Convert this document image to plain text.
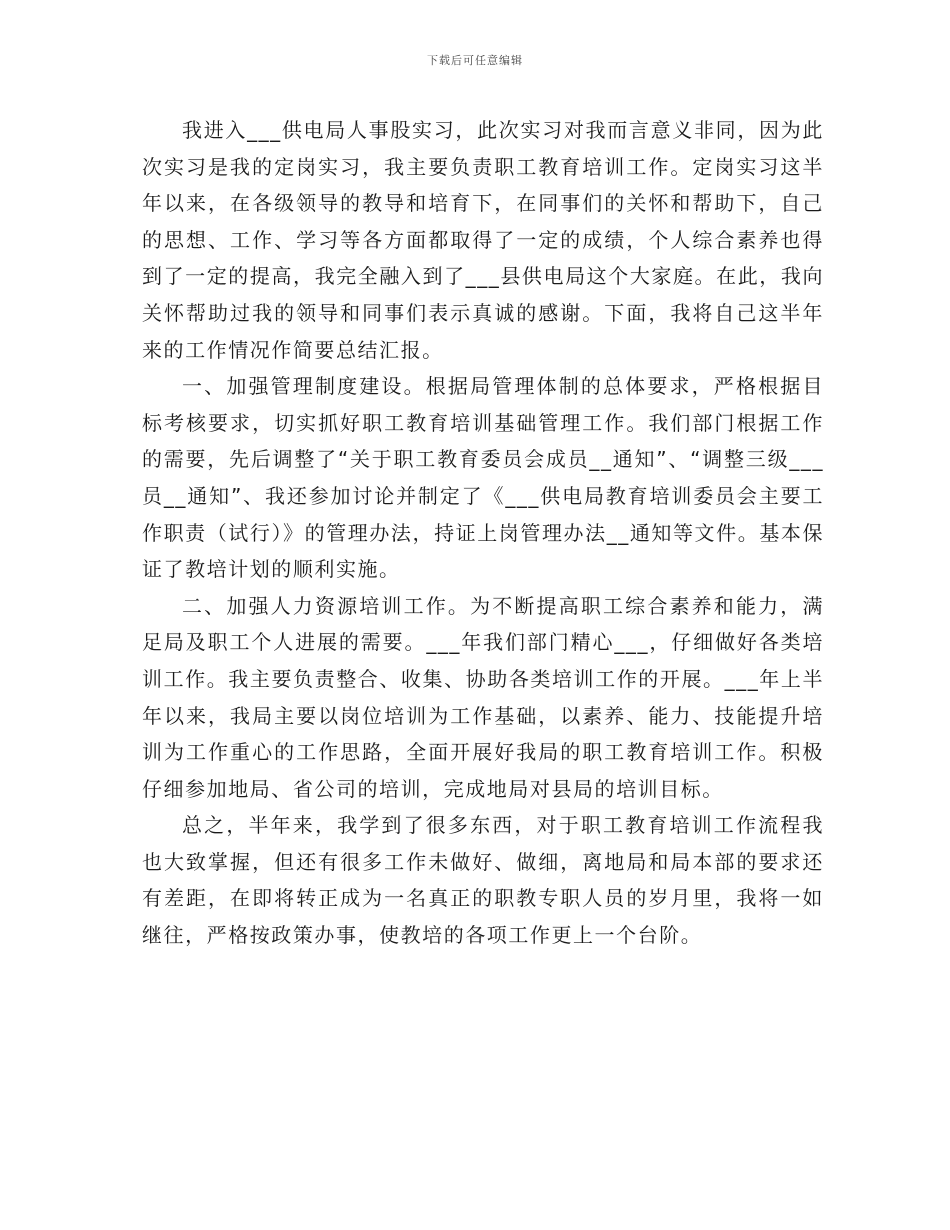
下载后可任意编辑

我进入___供电局人事股实习，此次实习对我而言意义非同，因为此次实习是我的定岗实习，我主要负责职工教育培训工作。定岗实习这半年以来，在各级领导的教导和培育下，在同事们的关怀和帮助下，自己的思想、工作、学习等各方面都取得了一定的成绩，个人综合素养也得到了一定的提高，我完全融入到了___县供电局这个大家庭。在此，我向关怀帮助过我的领导和同事们表示真诚的感谢。下面，我将自己这半年来的工作情况作简要总结汇报。

一、加强管理制度建设。根据局管理体制的总体要求，严格根据目标考核要求，切实抓好职工教育培训基础管理工作。我们部门根据工作的需要，先后调整了“关于职工教育委员会成员__通知”、“调整三级___员__通知”、我还参加讨论并制定了《___供电局教育培训委员会主要工作职责（试行）》的管理办法，持证上岗管理办法__通知等文件。基本保证了教培计划的顺利实施。

二、加强人力资源培训工作。为不断提高职工综合素养和能力，满足局及职工个人进展的需要。___年我们部门精心___，仔细做好各类培训工作。我主要负责整合、收集、协助各类培训工作的开展。___年上半年以来，我局主要以岗位培训为工作基础，以素养、能力、技能提升培训为工作重心的工作思路，全面开展好我局的职工教育培训工作。积极仔细参加地局、省公司的培训，完成地局对县局的培训目标。

总之，半年来，我学到了很多东西，对于职工教育培训工作流程我也大致掌握，但还有很多工作未做好、做细，离地局和局本部的要求还有差距，在即将转正成为一名真正的职教专职人员的岁月里，我将一如继往，严格按政策办事，使教培的各项工作更上一个台阶。
